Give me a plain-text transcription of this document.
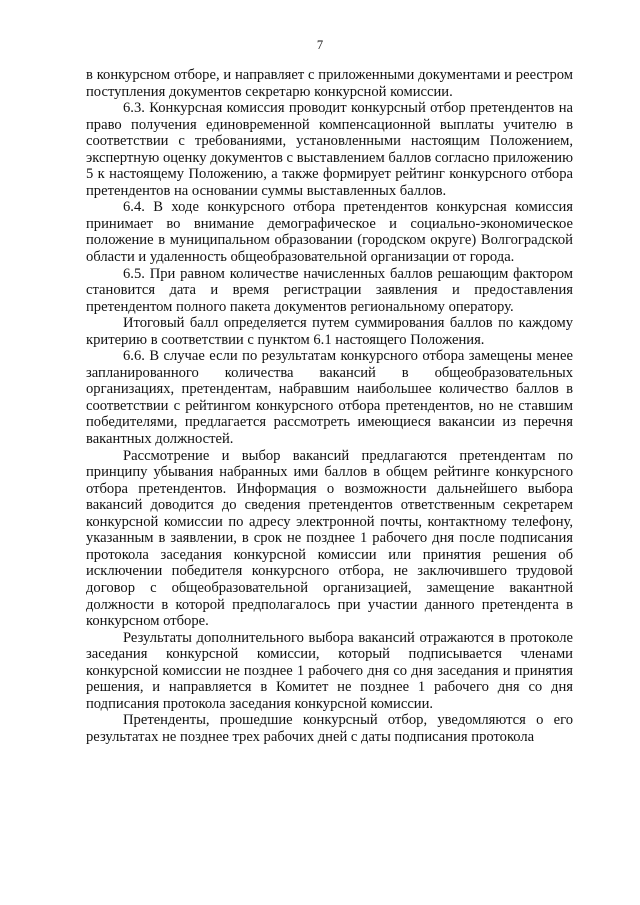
7

в конкурсном отборе, и направляет с приложенными документами и реестром поступления документов секретарю конкурсной комиссии.

6.3. Конкурсная комиссия проводит конкурсный отбор претендентов на право получения единовременной компенсационной выплаты учителю в соответствии с требованиями, установленными настоящим Положением, экспертную оценку документов с выставлением баллов согласно приложению 5 к настоящему Положению, а также формирует рейтинг конкурсного отбора претендентов на основании суммы выставленных баллов.

6.4. В ходе конкурсного отбора претендентов конкурсная комиссия принимает во внимание демографическое и социально-экономическое положение в муниципальном образовании (городском округе) Волгоградской области и удаленность общеобразовательной организации от города.

6.5. При равном количестве начисленных баллов решающим фактором становится дата и время регистрации заявления и предоставления претендентом полного пакета документов региональному оператору.

Итоговый балл определяется путем суммирования баллов по каждому критерию в соответствии с пунктом 6.1 настоящего Положения.

6.6. В случае если по результатам конкурсного отбора замещены менее запланированного количества вакансий в общеобразовательных организациях, претендентам, набравшим наибольшее количество баллов в соответствии с рейтингом конкурсного отбора претендентов, но не ставшим победителями, предлагается рассмотреть имеющиеся вакансии из перечня вакантных должностей.

Рассмотрение и выбор вакансий предлагаются претендентам по принципу убывания набранных ими баллов в общем рейтинге конкурсного отбора претендентов. Информация о возможности дальнейшего выбора вакансий доводится до сведения претендентов ответственным секретарем конкурсной комиссии по адресу электронной почты, контактному телефону, указанным в заявлении, в срок не позднее 1 рабочего дня после подписания протокола заседания конкурсной комиссии или принятия решения об исключении победителя конкурсного отбора, не заключившего трудовой договор с общеобразовательной организацией, замещение вакантной должности в которой предполагалось при участии данного претендента в конкурсном отборе.

Результаты дополнительного выбора вакансий отражаются в протоколе заседания конкурсной комиссии, который подписывается членами конкурсной комиссии не позднее 1 рабочего дня со дня заседания и принятия решения, и направляется в Комитет не позднее 1 рабочего дня со дня подписания протокола заседания конкурсной комиссии.

Претенденты, прошедшие конкурсный отбор, уведомляются о его результатах не позднее трех рабочих дней с даты подписания протокола
